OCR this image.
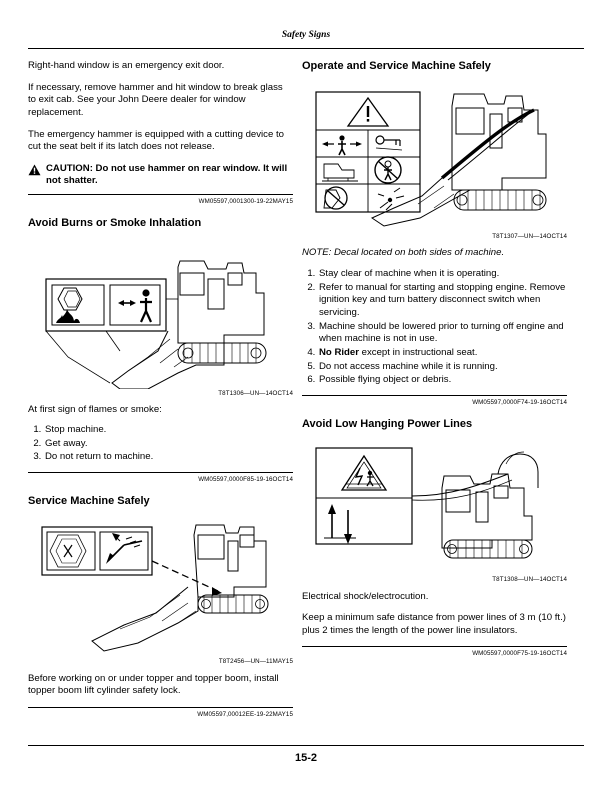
Safety Signs

Right-hand window is an emergency exit door.

If necessary, remove hammer and hit window to break glass to exit cab. See your John Deere dealer for window replacement.

The emergency hammer is equipped with a cutting device to cut the seat belt if its latch does not release.

CAUTION: Do not use hammer on rear window. It will not shatter.
WM05597,0001300-19-22MAY15
Avoid Burns or Smoke Inhalation
T8T1306—UN—14OCT14

At first sign of flames or smoke:

1. Stop machine.
2. Get away.
3. Do not return to machine.
WM05597,0000F85-19-16OCT14
Service Machine Safely
T8T2456—UN—11MAY15

Before working on or under topper and topper boom, install topper boom lift cylinder safety lock.

WM05597,00012EE-19-22MAY15
Operate and Service Machine Safely
T8T1307—UN—14OCT14

NOTE: Decal located on both sides of machine.

1. Stay clear of machine when it is operating.
2. Refer to manual for starting and stopping engine. Remove ignition key and turn battery disconnect switch when servicing.
3. Machine should be lowered prior to turning off engine and when machine is not in use.
4. No Rider except in instructional seat.
5. Do not access machine while it is running.
6. Possible flying object or debris.
WM05597,0000F74-19-16OCT14
Avoid Low Hanging Power Lines
T8T1308—UN—14OCT14

Electrical shock/electrocution.

Keep a minimum safe distance from power lines of 3 m (10 ft.) plus 2 times the length of the power line insulators.

WM05597,0000F75-19-16OCT14
15-2
